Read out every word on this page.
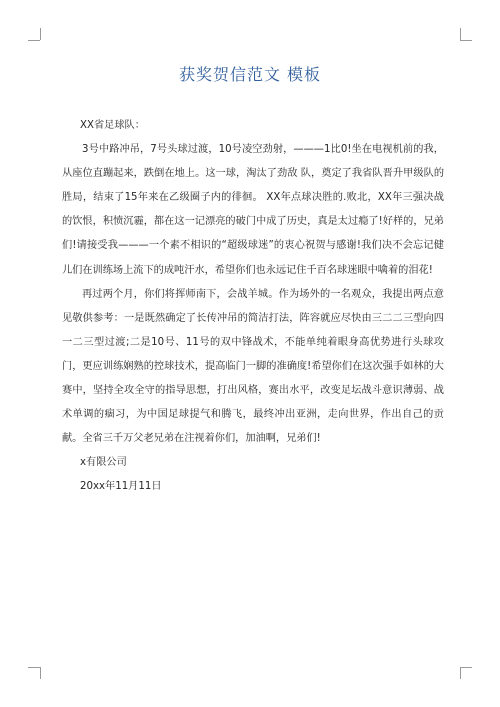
获奖贺信范文 模板

XX省足球队：

3号中路冲吊，7号头球过渡，10号凌空劲射，———1比0!坐在电视机前的我，从座位直蹦起来，跌倒在地上。这一球，淘汰了劲敌 队，奠定了我省队晋升甲级队的胜局，结束了15年来在乙级圈子内的徘徊。 XX年点球决胜的.败北，XX年三强决战的饮恨，积愤沉霾，都在这一记漂亮的破门中成了历史，真是太过瘾了!好样的，兄弟们!请接受我———一个素不相识的“超级球迷”的衷心祝贺与感谢!我们决不会忘记健儿们在训练场上流下的成吨汗水，希望你们也永远记住千百名球迷眼中噙着的泪花!

再过两个月，你们将挥师南下，会战羊城。作为场外的一名观众，我提出两点意见敬供参考：一是既然确定了长传冲吊的简洁打法，阵容就应尽快由三二二三型向四一二三型过渡;二是10号、11号的双中锋战术，不能单纯着眼身高优势进行头球攻门，更应训练娴熟的控球技术，提高临门一脚的准确度!希望你们在这次强手如林的大赛中，坚持全攻全守的指导思想，打出风格，赛出水平，改变足坛战斗意识薄弱、战术单调的痼习，为中国足球提气和腾飞，最终冲出亚洲，走向世界，作出自己的贡献。全省三千万父老兄弟在注视着你们，加油啊，兄弟们!

x有限公司

20xx年11月11日
